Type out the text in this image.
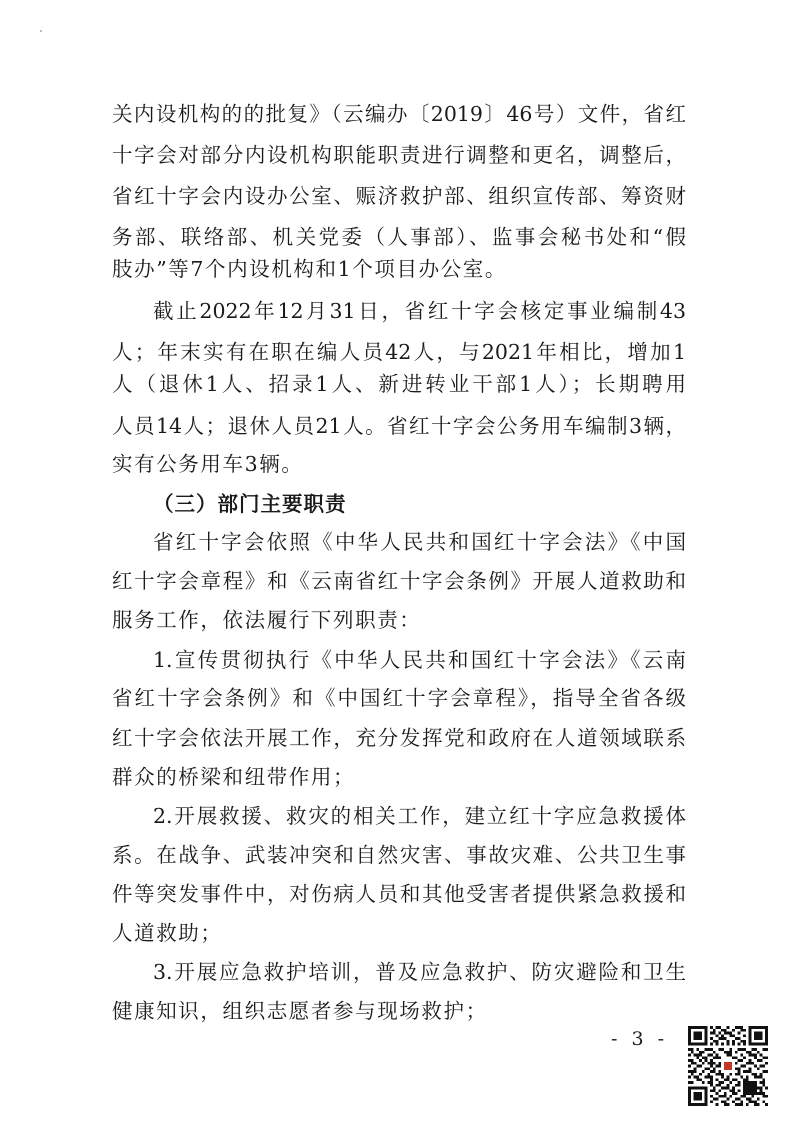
关内设机构的的批复》（云编办〔2019〕46号）文件，省红
十字会对部分内设机构职能职责进行调整和更名，调整后，
省红十字会内设办公室、赈济救护部、组织宣传部、筹资财
务部、联络部、机关党委（人事部）、监事会秘书处和“假
肢办”等7个内设机构和1个项目办公室。
截止2022年12月31日，省红十字会核定事业编制43
人；年末实有在职在编人员42人，与2021年相比，增加1
人（退休1人、招录1人、新进转业干部1人）；长期聘用
人员14人；退休人员21人。省红十字会公务用车编制3辆，
实有公务用车3辆。
（三）部门主要职责
省红十字会依照《中华人民共和国红十字会法》《中国
红十字会章程》和《云南省红十字会条例》开展人道救助和
服务工作，依法履行下列职责：
1.宣传贯彻执行《中华人民共和国红十字会法》《云南
省红十字会条例》和《中国红十字会章程》，指导全省各级
红十字会依法开展工作，充分发挥党和政府在人道领域联系
群众的桥梁和纽带作用；
2.开展救援、救灾的相关工作，建立红十字应急救援体
系。在战争、武装冲突和自然灾害、事故灾难、公共卫生事
件等突发事件中，对伤病人员和其他受害者提供紧急救援和
人道救助；
3.开展应急救护培训，普及应急救护、防灾避险和卫生
健康知识，组织志愿者参与现场救护；
- 3 -
